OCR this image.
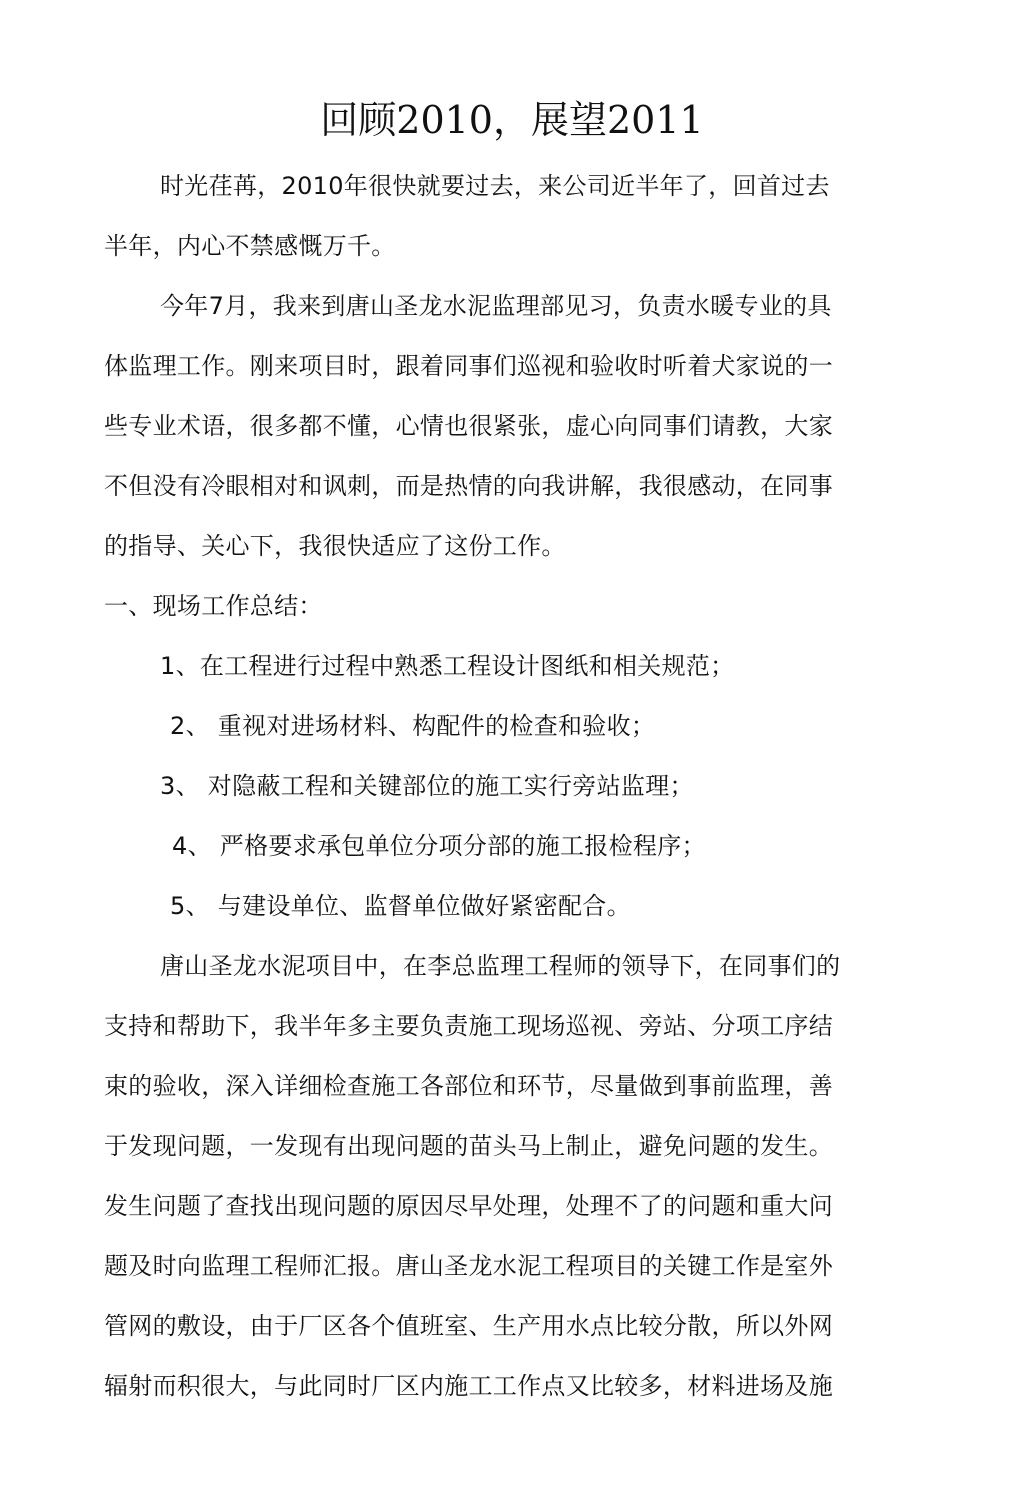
回顾2010，展望2011
时光荏苒，2010年很快就要过去，来公司近半年了，回首过去
半年，内心不禁感慨万千。
今年7月，我来到唐山圣龙水泥监理部见习，负责水暖专业的具
体监理工作。刚来项目时，跟着同事们巡视和验收时听着犬家说的一
些专业术语，很多都不懂，心情也很紧张，虚心向同事们请教，大家
不但没有冷眼相对和讽刺，而是热情的向我讲解，我很感动，在同事
的指导、关心下，我很快适应了这份工作。
一、现场工作总结：
1、在工程进行过程中熟悉工程设计图纸和相关规范；
2、 重视对进场材料、构配件的检查和验收；
3、 对隐蔽工程和关键部位的施工实行旁站监理；
4、 严格要求承包单位分项分部的施工报检程序；
5、 与建设单位、监督单位做好紧密配合。
唐山圣龙水泥项目中，在李总监理工程师的领导下，在同事们的
支持和帮助下，我半年多主要负责施工现场巡视、旁站、分项工序结
束的验收，深入详细检查施工各部位和环节，尽量做到事前监理，善
于发现问题，一发现有出现问题的苗头马上制止，避免问题的发生。
发生问题了查找出现问题的原因尽早处理，处理不了的问题和重大问
题及时向监理工程师汇报。唐山圣龙水泥工程项目的关键工作是室外
管网的敷设，由于厂区各个值班室、生产用水点比较分散，所以外网
辐射而积很大，与此同时厂区内施工工作点又比较多，材料进场及施
